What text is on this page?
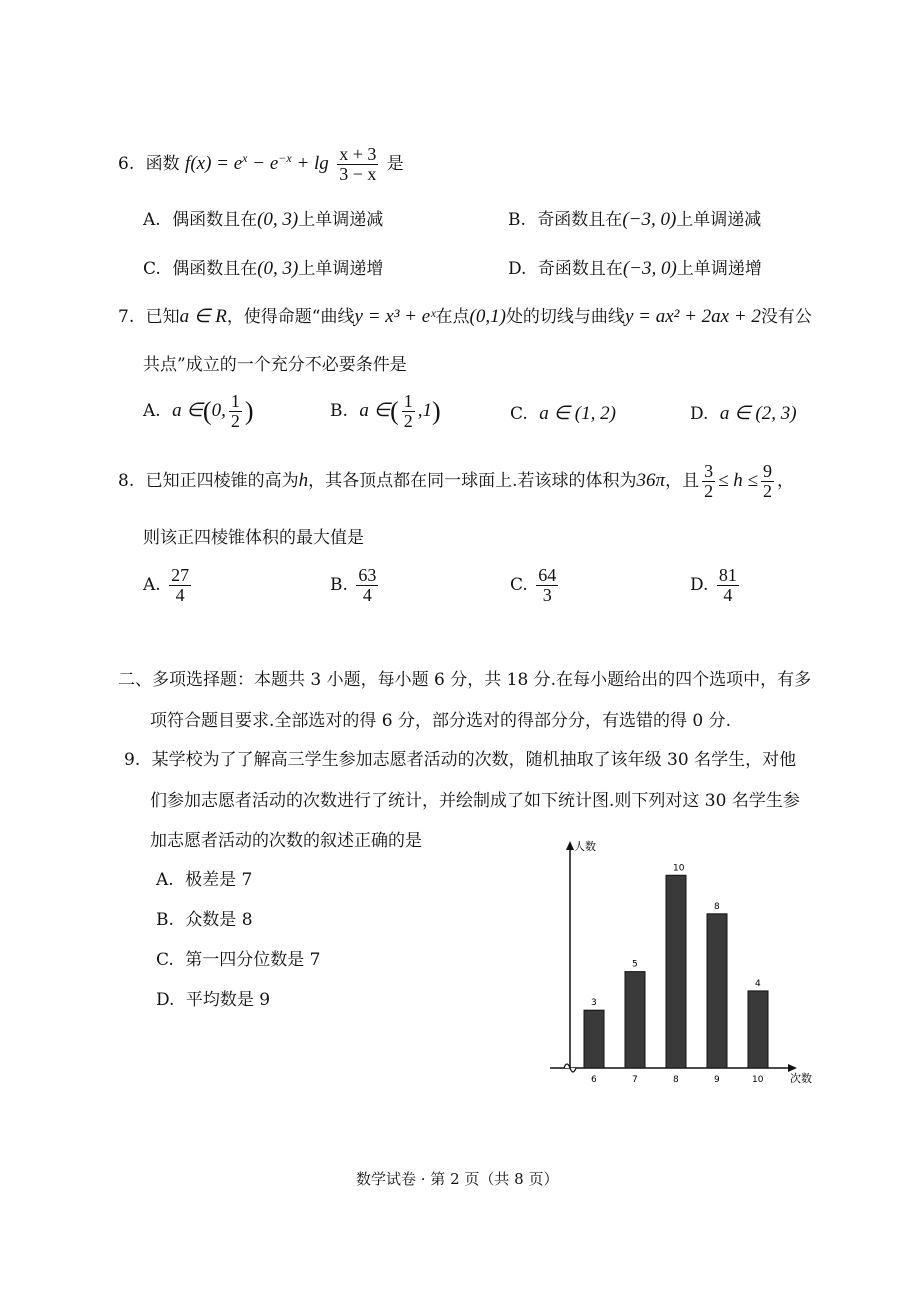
6. 函数 $f(x) = e^x - e^{-x} + \lg \frac{x + 3}{3 - x}$ 是
A. 偶函数且在(0, 3)上单调递减	B. 奇函数且在(−3, 0)上单调递减
C. 偶函数且在(0, 3)上单调递增	D. 奇函数且在(−3, 0)上单调递增
7. 已知a ∈ R，使得命题“曲线y = x³ + eˣ在点(0,1)处的切线与曲线y = ax² + 2ax + 2没有公
共点”成立的一个充分不必要条件是
A. a ∈(0, $\frac{1}{2}$ )	B. a ∈( $\frac{1}{2} ,1$)	C. a ∈ (1, 2)	D. a ∈ (2, 3)
8. 已知正四棱锥的高为h，其各顶点都在同一球面上.若该球的体积为36π，且 $\frac{3}{2} \le h \le \frac{9}{2}$ ，
则该正四棱锥体积的最大值是
A. $\frac{27}{4}$	B. $\frac{63}{4}$	C. $\frac{64}{3}$	D. $\frac{81}{4}$
二、多项选择题：本题共 3 小题，每小题 6 分，共 18 分.在每小题给出的四个选项中，有多
项符合题目要求.全部选对的得 6 分，部分选对的得部分分，有选错的得 0 分.
9. 某学校为了了解高三学生参加志愿者活动的次数，随机抽取了该年级 30 名学生，对他
们参加志愿者活动的次数进行了统计，并绘制成了如下统计图.则下列对这 30 名学生参
加志愿者活动的次数的叙述正确的是
A. 极差是 7
B. 众数是 8
C. 第一四分位数是 7
D. 平均数是 9
人数
次数
3
6
5
7
10
8
8
9
4
10
数学试卷 · 第 2 页（共 8 页）
